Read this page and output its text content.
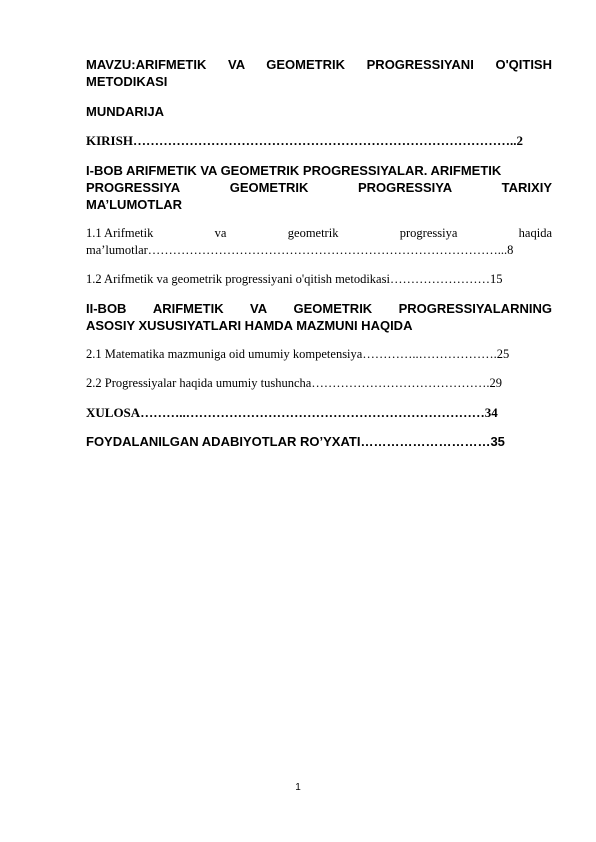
MAVZU:ARIFMETIK VA GEOMETRIK PROGRESSIYANI O'QITISH METODIKASI

MUNDARIJA

KIRISH……………………………………………………………………………..2

I-BOB ARIFMETIK VA GEOMETRIK PROGRESSIYALAR. ARIFMETIK
PROGRESSIYA	GEOMETRIK	PROGRESSIYA	TARIXIY
MA’LUMOTLAR
1.1 Arifmetik	va	geometrik	progressiya	haqida
ma’lumotlar…………………………………………………………………………...8

1.2 Arifmetik va geometrik progressiyani o'qitish metodikasi……………………15

II-BOB ARIFMETIK VA GEOMETRIK PROGRESSIYALARNING
ASOSIY XUSUSIYATLARI HAMDA MAZMUNI HAQIDA

2.1 Matematika mazmuniga oid umumiy kompetensiya…………..……………….25

2.2 Progressiyalar haqida umumiy tushuncha…………………………………….29

XULOSA………..……………………………………………………………34

FOYDALANILGAN ADABIYOTLAR RO’YXATI…………………………35

1
